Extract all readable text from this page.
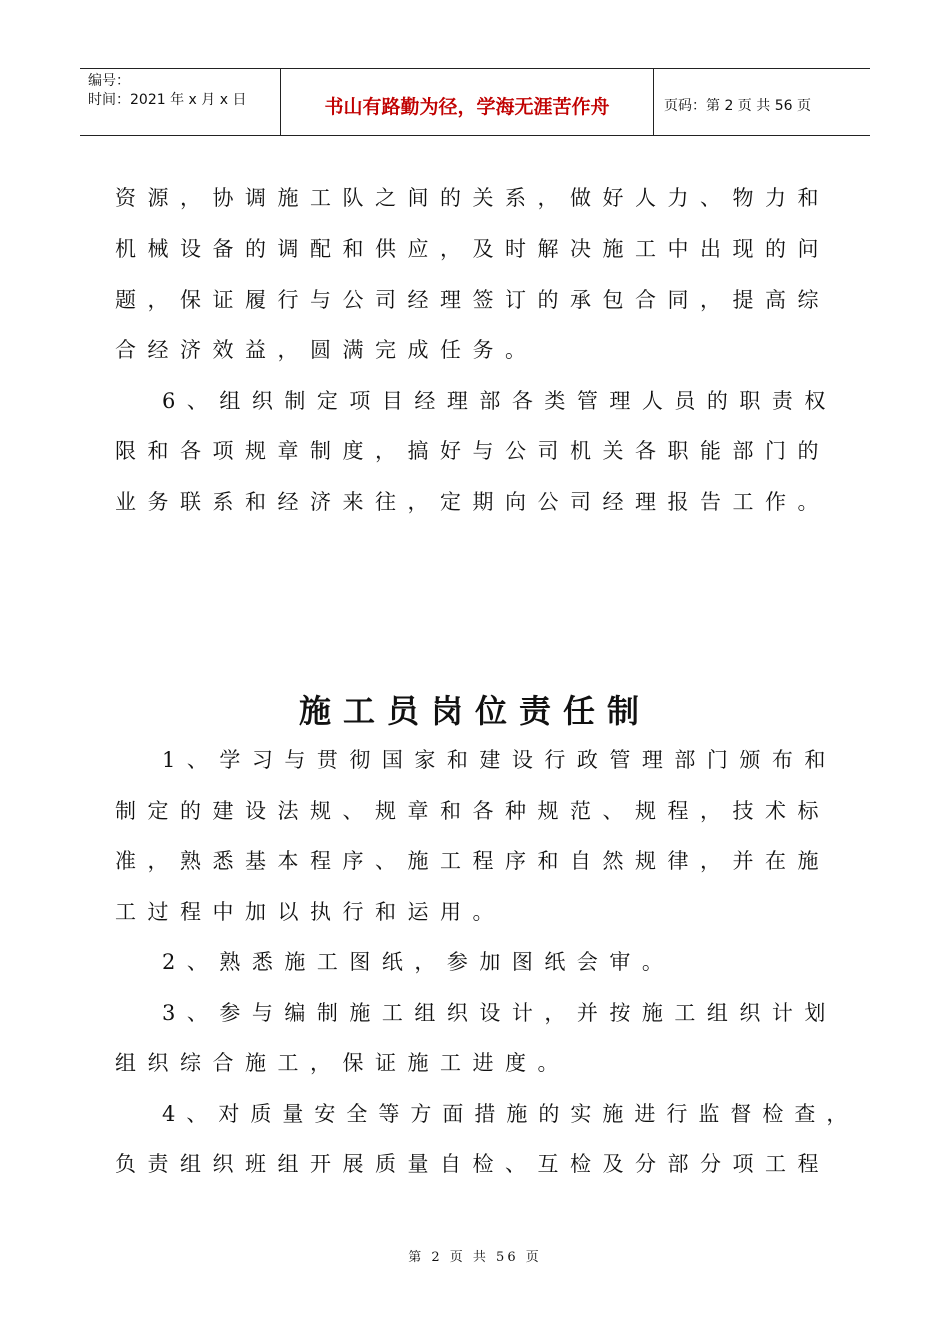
编号：
时间：2021 年 x 月 x 日	书山有路勤为径，学海无涯苦作舟	页码：第 2 页 共 56 页
资源，协调施工队之间的关系，做好人力、物力和
机械设备的调配和供应，及时解决施工中出现的问
题，保证履行与公司经理签订的承包合同，提高综
合经济效益，圆满完成任务。
6、组织制定项目经理部各类管理人员的职责权
限和各项规章制度，搞好与公司机关各职能部门的
业务联系和经济来往，定期向公司经理报告工作。
施工员岗位责任制
1、学习与贯彻国家和建设行政管理部门颁布和
制定的建设法规、规章和各种规范、规程，技术标
准，熟悉基本程序、施工程序和自然规律，并在施
工过程中加以执行和运用。
2、熟悉施工图纸，参加图纸会审。
3、参与编制施工组织设计，并按施工组织计划
组织综合施工，保证施工进度。
4、对质量安全等方面措施的实施进行监督检查，
负责组织班组开展质量自检、互检及分部分项工程
第 2 页 共 56 页
